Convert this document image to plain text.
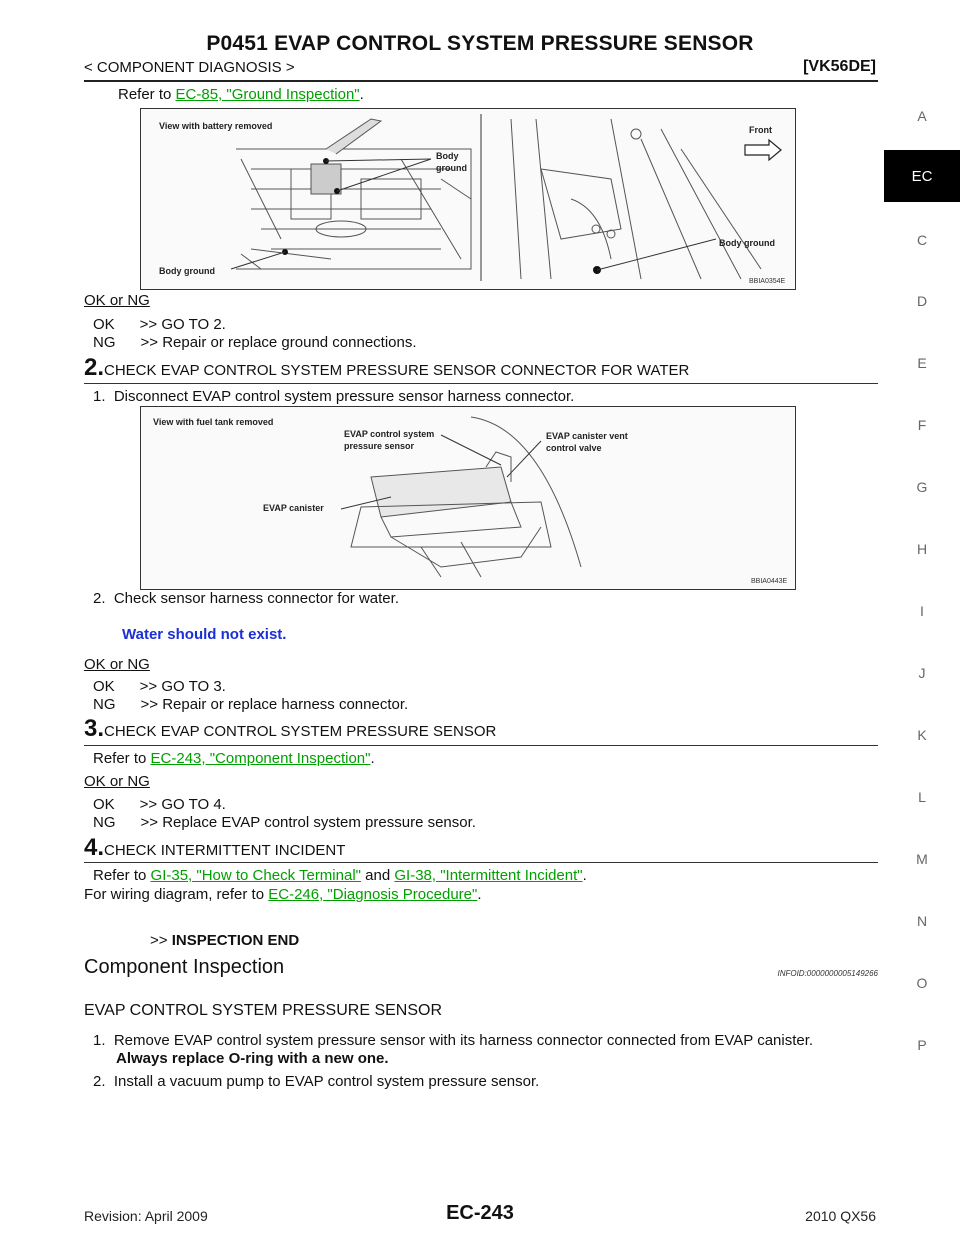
P0451 EVAP CONTROL SYSTEM PRESSURE SENSOR
< COMPONENT DIAGNOSIS >	[VK56DE]
A
EC
C
D
E
F
G
H
I
J
K
L
M
N
O
P
Refer to EC-85, "Ground Inspection".
View with battery removed
Body
ground
Body ground
Front
Body ground
BBIA0354E
OK or NG
OK      >> GO TO 2.
NG      >> Repair or replace ground connections.
2.CHECK EVAP CONTROL SYSTEM PRESSURE SENSOR CONNECTOR FOR WATER
1.  Disconnect EVAP control system pressure sensor harness connector.
View with fuel tank removed
EVAP control system
pressure sensor
EVAP canister vent
control valve
EVAP canister
BBIA0443E
2.  Check sensor harness connector for water.
Water should not exist.
OK or NG
OK      >> GO TO 3.
NG      >> Repair or replace harness connector.
3.CHECK EVAP CONTROL SYSTEM PRESSURE SENSOR
Refer to EC-243, "Component Inspection".
OK or NG
OK      >> GO TO 4.
NG      >> Replace EVAP control system pressure sensor.
4.CHECK INTERMITTENT INCIDENT
Refer to GI-35, "How to Check Terminal" and GI-38, "Intermittent Incident".
For wiring diagram, refer to EC-246, "Diagnosis Procedure".
>> INSPECTION END
Component Inspection	INFOID:0000000005149266
EVAP CONTROL SYSTEM PRESSURE SENSOR
1.  Remove EVAP control system pressure sensor with its harness connector connected from EVAP canister.
Always replace O-ring with a new one.
2.  Install a vacuum pump to EVAP control system pressure sensor.
Revision: April 2009	EC-243	2010 QX56
